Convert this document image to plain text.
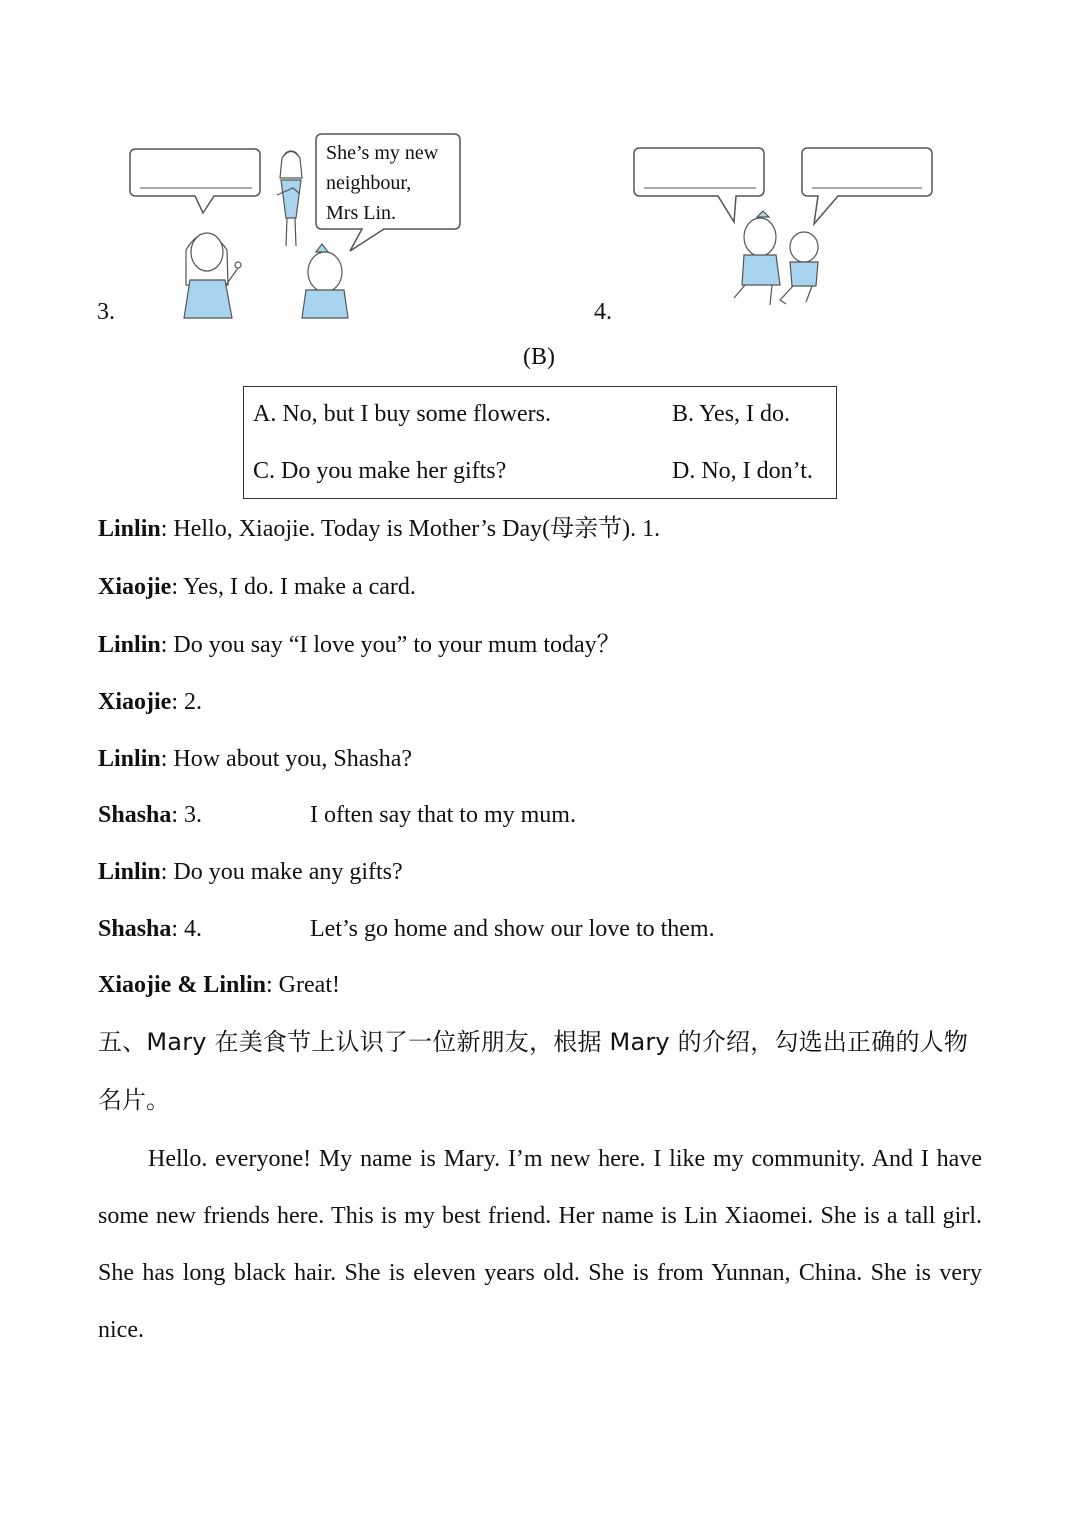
She’s my new
neighbour,
Mrs Lin.
3.	4.
(B)
A. No, but I buy some flowers.	B. Yes, I do.
C. Do you make her gifts?	D. No, I don’t.
Linlin: Hello, Xiaojie. Today is Mother’s Day(母亲节). 1.
Xiaojie: Yes, I do. I make a card.
Linlin: Do you say “I love you” to your mum today？
Xiaojie: 2.
Linlin: How about you, Shasha?
Shasha: 3.	I often say that to my mum.
Linlin: Do you make any gifts?
Shasha: 4.	Let’s go home and show our love to them.
Xiaojie & Linlin: Great!
五、Mary 在美食节上认识了一位新朋友，根据 Mary 的介绍，勾选出正确的人物
名片。
Hello. everyone! My name is Mary. I’m new here. I like my community. And I have some new friends here. This is my best friend. Her name is Lin Xiaomei. She is a tall girl. She has long black hair. She is eleven years old. She is from Yunnan, China. She is very nice.
